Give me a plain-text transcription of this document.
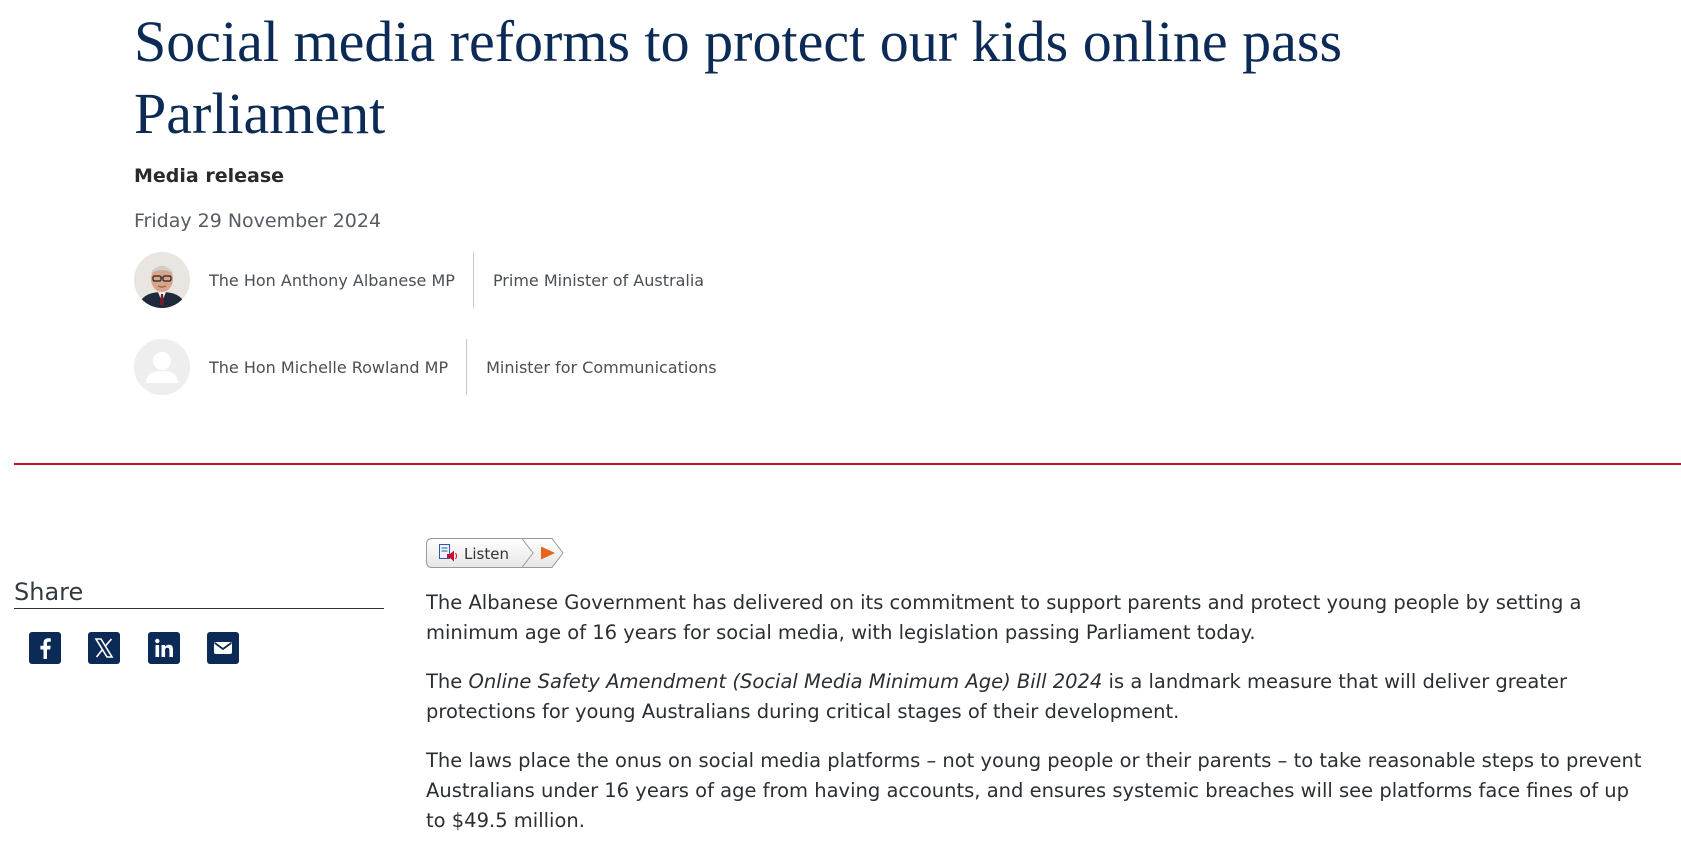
Social media reforms to protect our kids online pass Parliament
Media release
Friday 29 November 2024
The Hon Anthony Albanese MP Prime Minister of Australia
The Hon Michelle Rowland MP Minister for Communications
Listen
Share	The Albanese Government has delivered on its commitment to support parents and protect young people by setting a minimum age of 16 years for social media, with legislation passing Parliament today.

The Online Safety Amendment (Social Media Minimum Age) Bill 2024 is a landmark measure that will deliver greater protections for young Australians during critical stages of their development.

The laws place the onus on social media platforms – not young people or their parents – to take reasonable steps to prevent Australians under 16 years of age from having accounts, and ensures systemic breaches will see platforms face fines of up to $49.5 million.
